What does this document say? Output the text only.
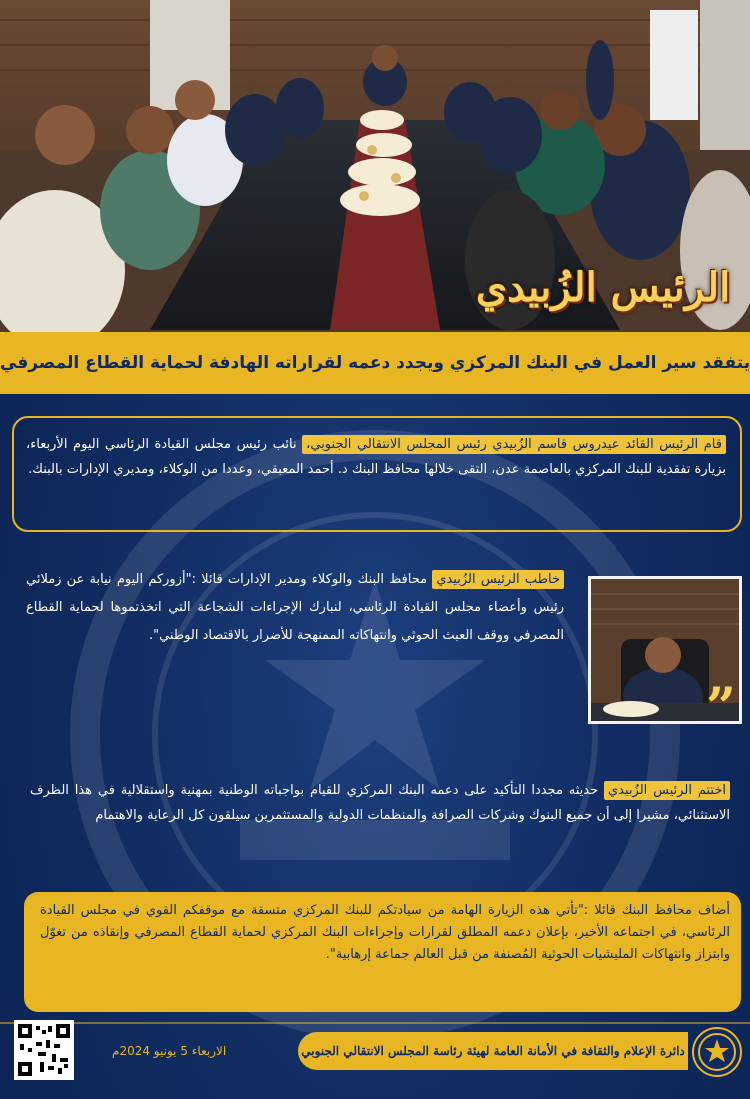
الرئيس الزُبيدي
يتفقد سير العمل في البنك المركزي ويجدد دعمه لقراراته الهادفة لحماية القطاع المصرفي
قام الرئيس القائد عيدروس قاسم الزُبيدي رئيس المجلس الانتقالي الجنوبي، نائب رئيس مجلس القيادة الرئاسي اليوم الأربعاء، بزيارة تفقدية للبنك المركزي بالعاصمة عدن، التقى خلالها محافظ البنك د. أحمد المعبقي، وعددا من الوكلاء، ومديري الإدارات بالبنك.
خاطب الرئيس الزُبيدي محافظ البنك والوكلاء ومدير الإدارات قائلا :"أزوركم اليوم نيابة عن زملائي رئيس وأعضاء مجلس القيادة الرئاسي، لنبارك الإجراءات الشجاعة التي اتخذتموها لحماية القطاع المصرفي ووقف العبث الحوثي وانتهاكاته الممنهجة للأضرار بالاقتصاد الوطني".
”
اختتم الرئيس الزُبيدي حديثه مجددا التأكيد على دعمه البنك المركزي للقيام بواجباته الوطنية بمهنية واستقلالية في هذا الظرف الاستثنائي، مشيرا إلى أن جميع البنوك وشركات الصرافة والمنظمات الدولية والمستثمرين سيلقون كل الرعاية والاهتمام
أضاف محافظ البنك قائلا :"تأتي هذه الزيارة الهامة من سيادتكم للبنك المركزي متسقة مع موقفكم القوي في مجلس القيادة الرئاسي، في اجتماعه الأخير، بإعلان دعمه المطلق لقرارات وإجراءات البنك المركزي لحماية القطاع المصرفي وإنقاذه من تغوّل وابتزاز وانتهاكات المليشيات الحوثية المُصنفة من قبل العالم جماعة إرهابية".
الاربعاء 5 يونيو 2024م	دائرة الإعلام والثقافة في الأمانة العامة لهيئة رئاسة المجلس الانتقالي الجنوبي
